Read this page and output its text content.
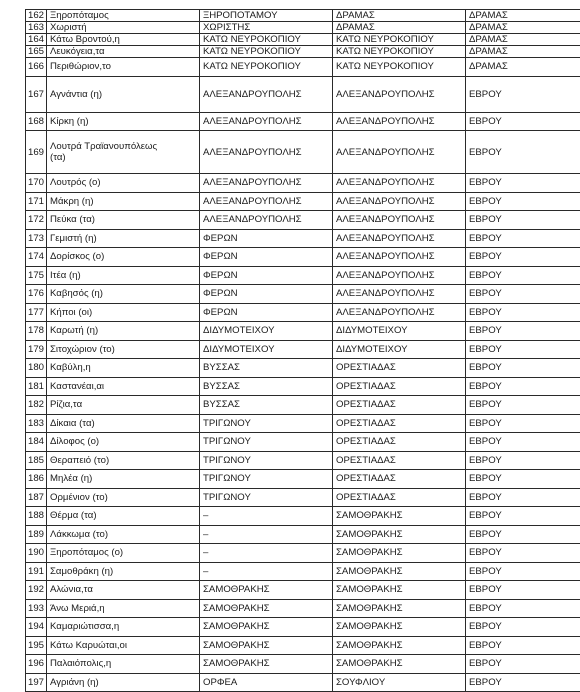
162	Ξηροπόταμος	ΞΗΡΟΠΟΤΑΜΟΥ	ΔΡΑΜΑΣ	ΔΡΑΜΑΣ
163	Χωριστή	ΧΩΡΙΣΤΗΣ	ΔΡΑΜΑΣ	ΔΡΑΜΑΣ
164	Κάτω Βροντού,η	ΚΑΤΩ ΝΕΥΡΟΚΟΠΙΟΥ	ΚΑΤΩ ΝΕΥΡΟΚΟΠΙΟΥ	ΔΡΑΜΑΣ
165	Λευκόγεια,τα	ΚΑΤΩ ΝΕΥΡΟΚΟΠΙΟΥ	ΚΑΤΩ ΝΕΥΡΟΚΟΠΙΟΥ	ΔΡΑΜΑΣ
166	Περιθώριον,το	ΚΑΤΩ ΝΕΥΡΟΚΟΠΙΟΥ	ΚΑΤΩ ΝΕΥΡΟΚΟΠΙΟΥ	ΔΡΑΜΑΣ
167	Αγνάντια (η)	ΑΛΕΞΑΝΔΡΟΥΠΟΛΗΣ	ΑΛΕΞΑΝΔΡΟΥΠΟΛΗΣ	ΕΒΡΟΥ
168	Κίρκη (η)	ΑΛΕΞΑΝΔΡΟΥΠΟΛΗΣ	ΑΛΕΞΑΝΔΡΟΥΠΟΛΗΣ	ΕΒΡΟΥ
169	Λουτρά Τραϊανουπόλεως
(τα)	ΑΛΕΞΑΝΔΡΟΥΠΟΛΗΣ	ΑΛΕΞΑΝΔΡΟΥΠΟΛΗΣ	ΕΒΡΟΥ
170	Λουτρός (ο)	ΑΛΕΞΑΝΔΡΟΥΠΟΛΗΣ	ΑΛΕΞΑΝΔΡΟΥΠΟΛΗΣ	ΕΒΡΟΥ
171	Μάκρη (η)	ΑΛΕΞΑΝΔΡΟΥΠΟΛΗΣ	ΑΛΕΞΑΝΔΡΟΥΠΟΛΗΣ	ΕΒΡΟΥ
172	Πεύκα (τα)	ΑΛΕΞΑΝΔΡΟΥΠΟΛΗΣ	ΑΛΕΞΑΝΔΡΟΥΠΟΛΗΣ	ΕΒΡΟΥ
173	Γεμιστή (η)	ΦΕΡΩΝ	ΑΛΕΞΑΝΔΡΟΥΠΟΛΗΣ	ΕΒΡΟΥ
174	Δορίσκος (ο)	ΦΕΡΩΝ	ΑΛΕΞΑΝΔΡΟΥΠΟΛΗΣ	ΕΒΡΟΥ
175	Ιτέα (η)	ΦΕΡΩΝ	ΑΛΕΞΑΝΔΡΟΥΠΟΛΗΣ	ΕΒΡΟΥ
176	Καβησός (η)	ΦΕΡΩΝ	ΑΛΕΞΑΝΔΡΟΥΠΟΛΗΣ	ΕΒΡΟΥ
177	Κήποι (οι)	ΦΕΡΩΝ	ΑΛΕΞΑΝΔΡΟΥΠΟΛΗΣ	ΕΒΡΟΥ
178	Καρωτή (η)	ΔΙΔΥΜΟΤΕΙΧΟΥ	ΔΙΔΥΜΟΤΕΙΧΟΥ	ΕΒΡΟΥ
179	Σιτοχώριον (το)	ΔΙΔΥΜΟΤΕΙΧΟΥ	ΔΙΔΥΜΟΤΕΙΧΟΥ	ΕΒΡΟΥ
180	Καβύλη,η	ΒΥΣΣΑΣ	ΟΡΕΣΤΙΑΔΑΣ	ΕΒΡΟΥ
181	Καστανέαι,αι	ΒΥΣΣΑΣ	ΟΡΕΣΤΙΑΔΑΣ	ΕΒΡΟΥ
182	Ρίζια,τα	ΒΥΣΣΑΣ	ΟΡΕΣΤΙΑΔΑΣ	ΕΒΡΟΥ
183	Δίκαια (τα)	ΤΡΙΓΩΝΟΥ	ΟΡΕΣΤΙΑΔΑΣ	ΕΒΡΟΥ
184	Δίλοφος (ο)	ΤΡΙΓΩΝΟΥ	ΟΡΕΣΤΙΑΔΑΣ	ΕΒΡΟΥ
185	Θεραπειό (το)	ΤΡΙΓΩΝΟΥ	ΟΡΕΣΤΙΑΔΑΣ	ΕΒΡΟΥ
186	Μηλέα (η)	ΤΡΙΓΩΝΟΥ	ΟΡΕΣΤΙΑΔΑΣ	ΕΒΡΟΥ
187	Ορμένιον (το)	ΤΡΙΓΩΝΟΥ	ΟΡΕΣΤΙΑΔΑΣ	ΕΒΡΟΥ
188	Θέρμα (τα)	–	ΣΑΜΟΘΡΑΚΗΣ	ΕΒΡΟΥ
189	Λάκκωμα (το)	–	ΣΑΜΟΘΡΑΚΗΣ	ΕΒΡΟΥ
190	Ξηροπόταμος (ο)	–	ΣΑΜΟΘΡΑΚΗΣ	ΕΒΡΟΥ
191	Σαμοθράκη (η)	–	ΣΑΜΟΘΡΑΚΗΣ	ΕΒΡΟΥ
192	Αλώνια,τα	ΣΑΜΟΘΡΑΚΗΣ	ΣΑΜΟΘΡΑΚΗΣ	ΕΒΡΟΥ
193	Άνω Μεριά,η	ΣΑΜΟΘΡΑΚΗΣ	ΣΑΜΟΘΡΑΚΗΣ	ΕΒΡΟΥ
194	Καμαριώτισσα,η	ΣΑΜΟΘΡΑΚΗΣ	ΣΑΜΟΘΡΑΚΗΣ	ΕΒΡΟΥ
195	Κάτω Καρυώται,οι	ΣΑΜΟΘΡΑΚΗΣ	ΣΑΜΟΘΡΑΚΗΣ	ΕΒΡΟΥ
196	Παλαιόπολις,η	ΣΑΜΟΘΡΑΚΗΣ	ΣΑΜΟΘΡΑΚΗΣ	ΕΒΡΟΥ
197	Αγριάνη (η)	ΟΡΦΕΑ	ΣΟΥΦΛΙΟΥ	ΕΒΡΟΥ
